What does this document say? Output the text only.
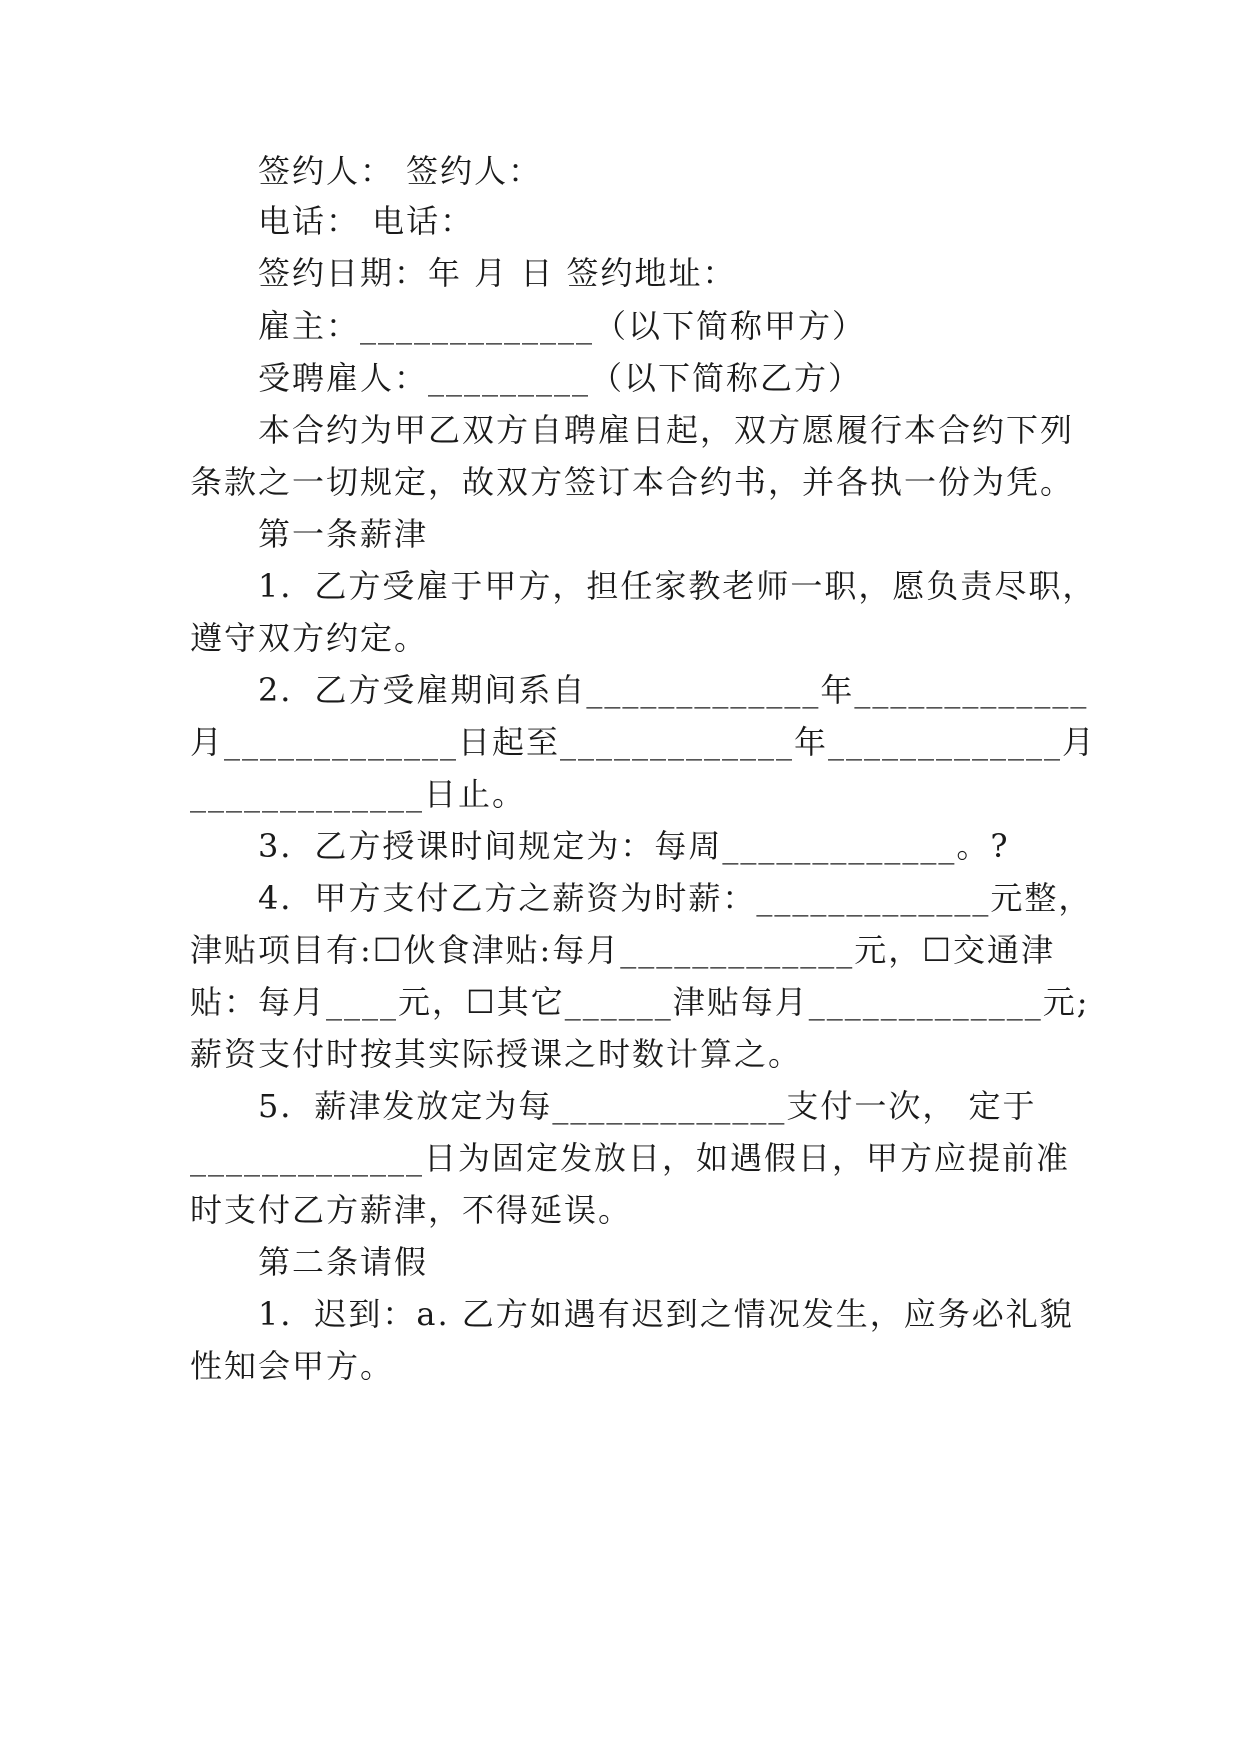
签约人： 签约人：
电话： 电话：
签约日期：年 月 日 签约地址：
雇主：_____________（以下简称甲方）
受聘雇人：_________（以下简称乙方）
本合约为甲乙双方自聘雇日起，双方愿履行本合约下列
条款之一切规定，故双方签订本合约书，并各执一份为凭。
第一条薪津
1．乙方受雇于甲方，担任家教老师一职，愿负责尽职，
遵守双方约定。
2．乙方受雇期间系自_____________年_____________
月_____________日起至_____________年_____________月
_____________日止。
3．乙方授课时间规定为：每周_____________。?
4．甲方支付乙方之薪资为时薪：_____________元整，
津贴项目有:☐伙食津贴:每月_____________元，☐交通津
贴：每月____元，☐其它______津贴每月_____________元;
薪资支付时按其实际授课之时数计算之。
5．薪津发放定为每_____________支付一次， 定于
_____________日为固定发放日，如遇假日，甲方应提前准
时支付乙方薪津，不得延误。
第二条请假
1．迟到：a. 乙方如遇有迟到之情况发生，应务必礼貌
性知会甲方。
